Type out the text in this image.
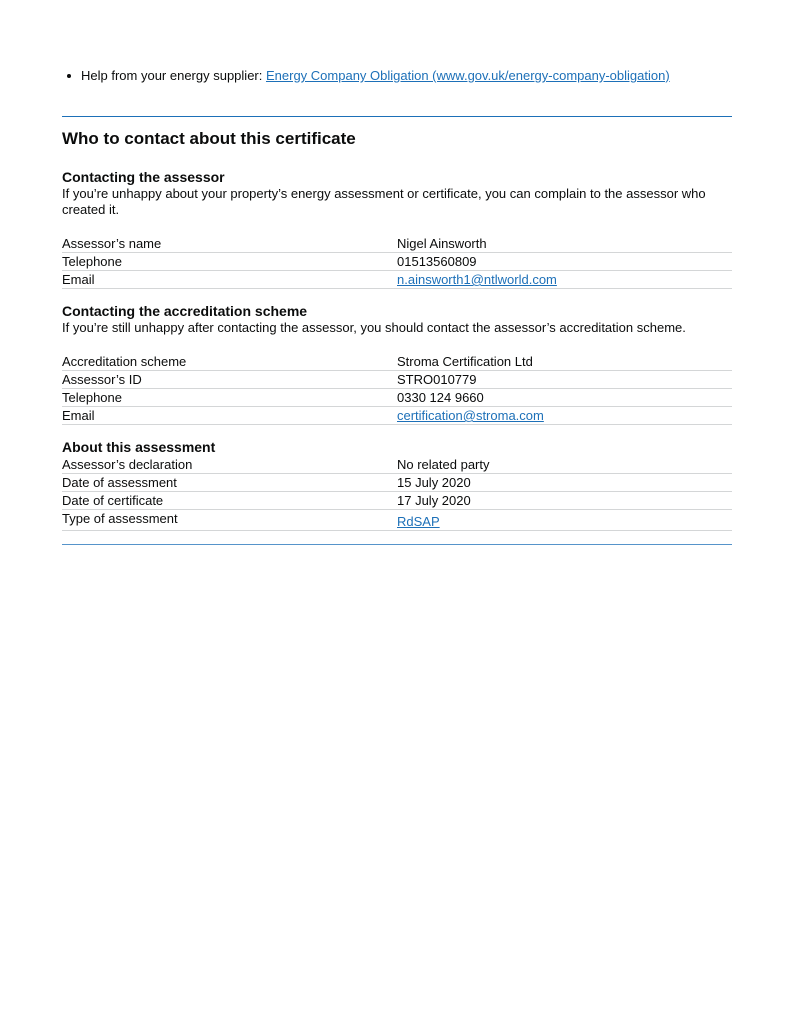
Help from your energy supplier: Energy Company Obligation (www.gov.uk/energy-company-obligation)
Who to contact about this certificate
Contacting the assessor

If you’re unhappy about your property’s energy assessment or certificate, you can complain to the assessor who created it.

Assessor’s name	Nigel Ainsworth
Telephone	01513560809
Email	n.ainsworth1@ntlworld.com
Contacting the accreditation scheme

If you’re still unhappy after contacting the assessor, you should contact the assessor’s accreditation scheme.

Accreditation scheme	Stroma Certification Ltd
Assessor’s ID	STRO010779
Telephone	0330 124 9660
Email	certification@stroma.com
About this assessment
Assessor’s declaration	No related party
Date of assessment	15 July 2020
Date of certificate	17 July 2020
Type of assessment	RdSAP
